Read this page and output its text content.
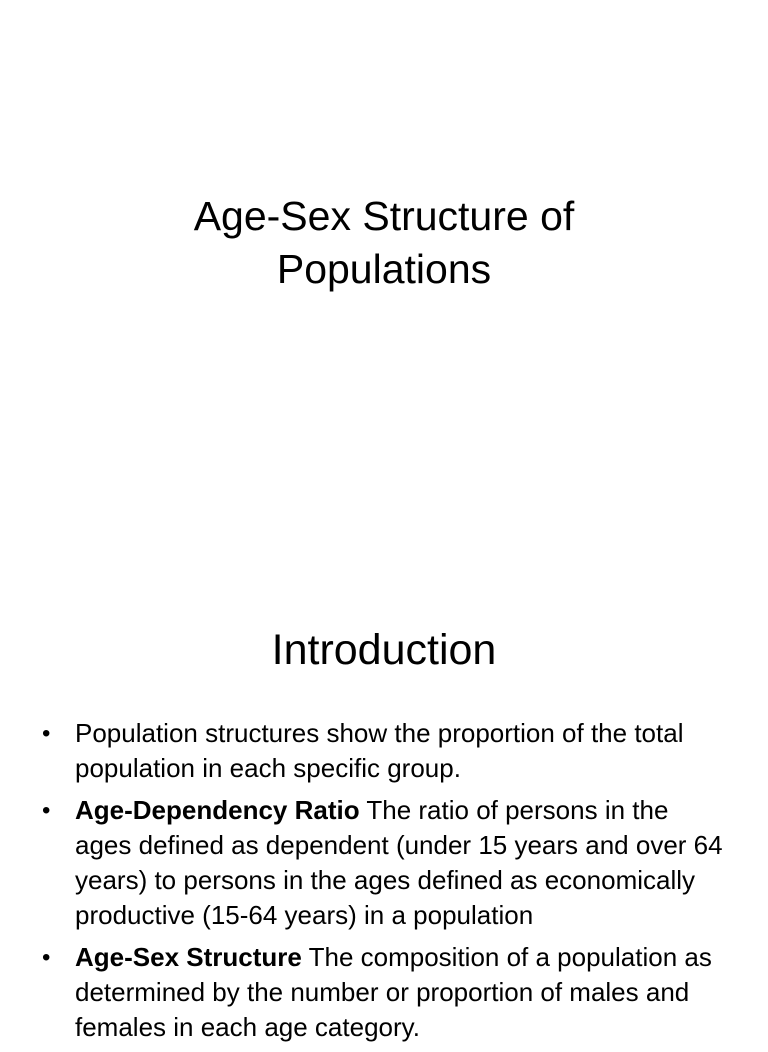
Age-Sex Structure of
Populations
Introduction
• Population structures show the proportion of the total population in each specific group.
• Age-Dependency Ratio The ratio of persons in the ages defined as dependent (under 15 years and over 64 years) to persons in the ages defined as economically productive (15-64 years) in a population
• Age-Sex Structure The composition of a population as determined by the number or proportion of males and females in each age category.
